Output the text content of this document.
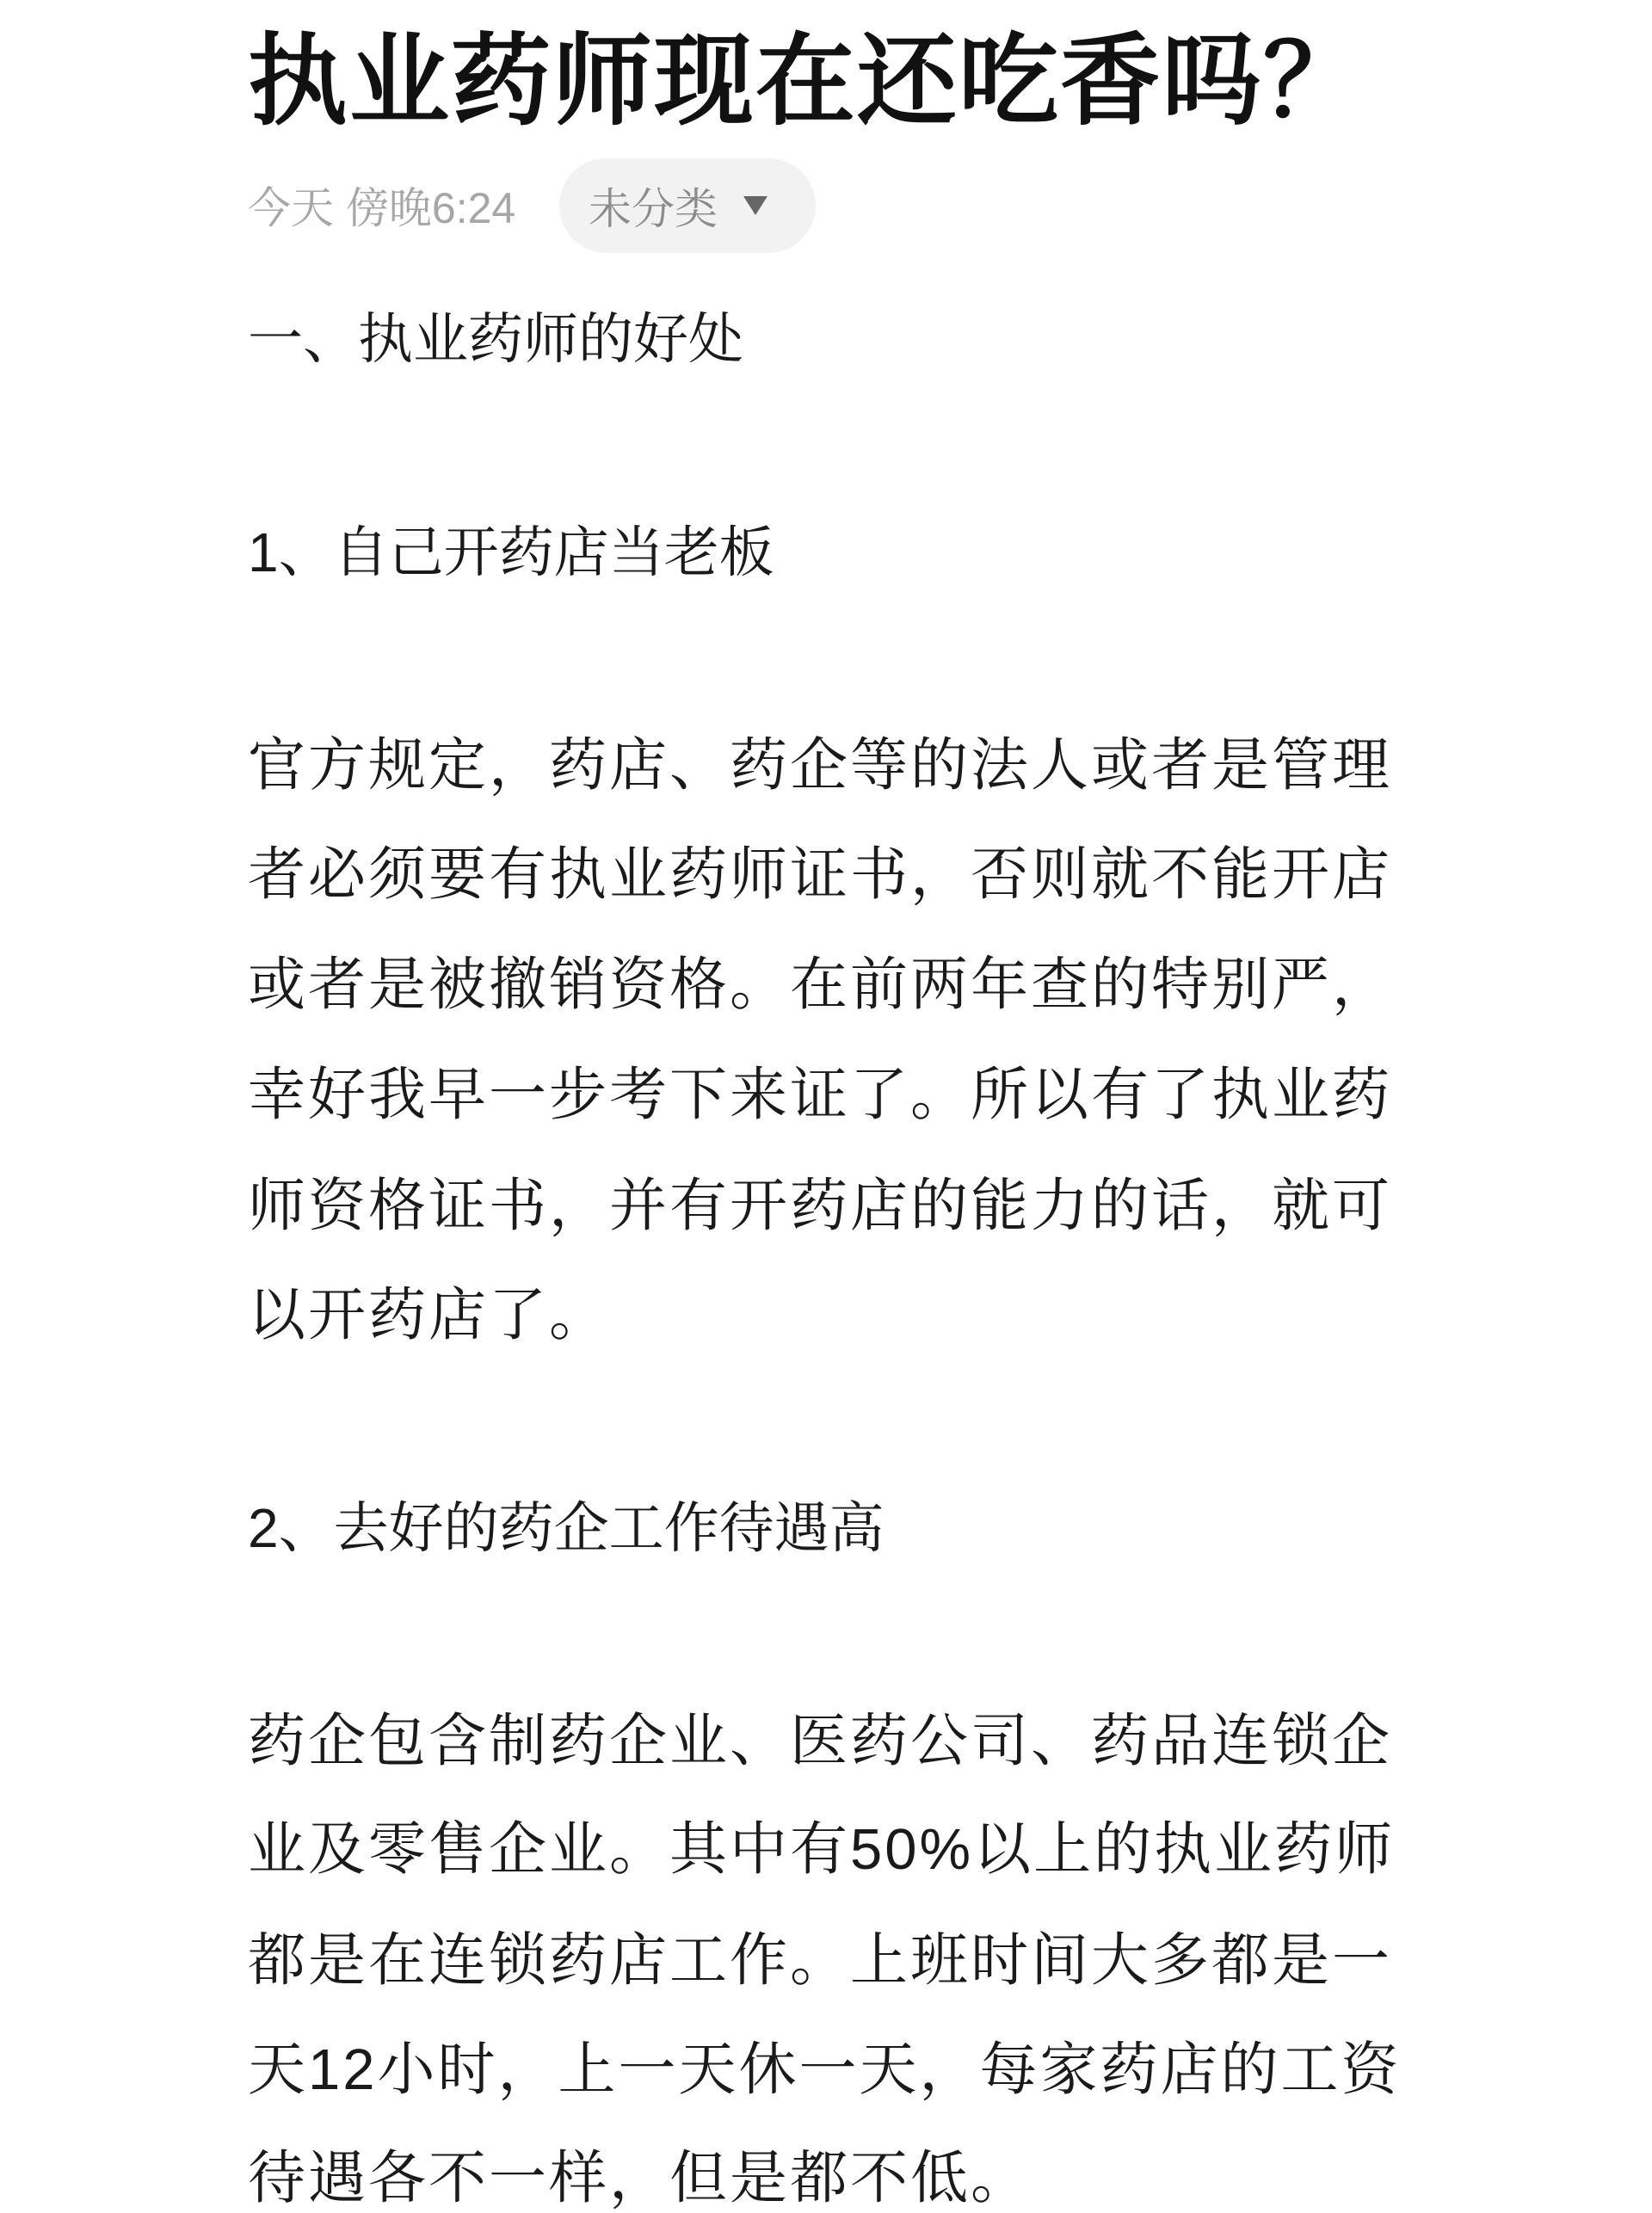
执业药师现在还吃香吗？
今天 傍晚6:24 未分类
一、执业药师的好处
1、自己开药店当老板
官方规定，药店、药企等的法人或者是管理
者必须要有执业药师证书，否则就不能开店
或者是被撤销资格。在前两年查的特别严，
幸好我早一步考下来证了。所以有了执业药
师资格证书，并有开药店的能力的话，就可
以开药店了。
2、去好的药企工作待遇高
药企包含制药企业、医药公司、药品连锁企
业及零售企业。其中有50%以上的执业药师
都是在连锁药店工作。上班时间大多都是一
天12小时，上一天休一天，每家药店的工资
待遇各不一样，但是都不低。
